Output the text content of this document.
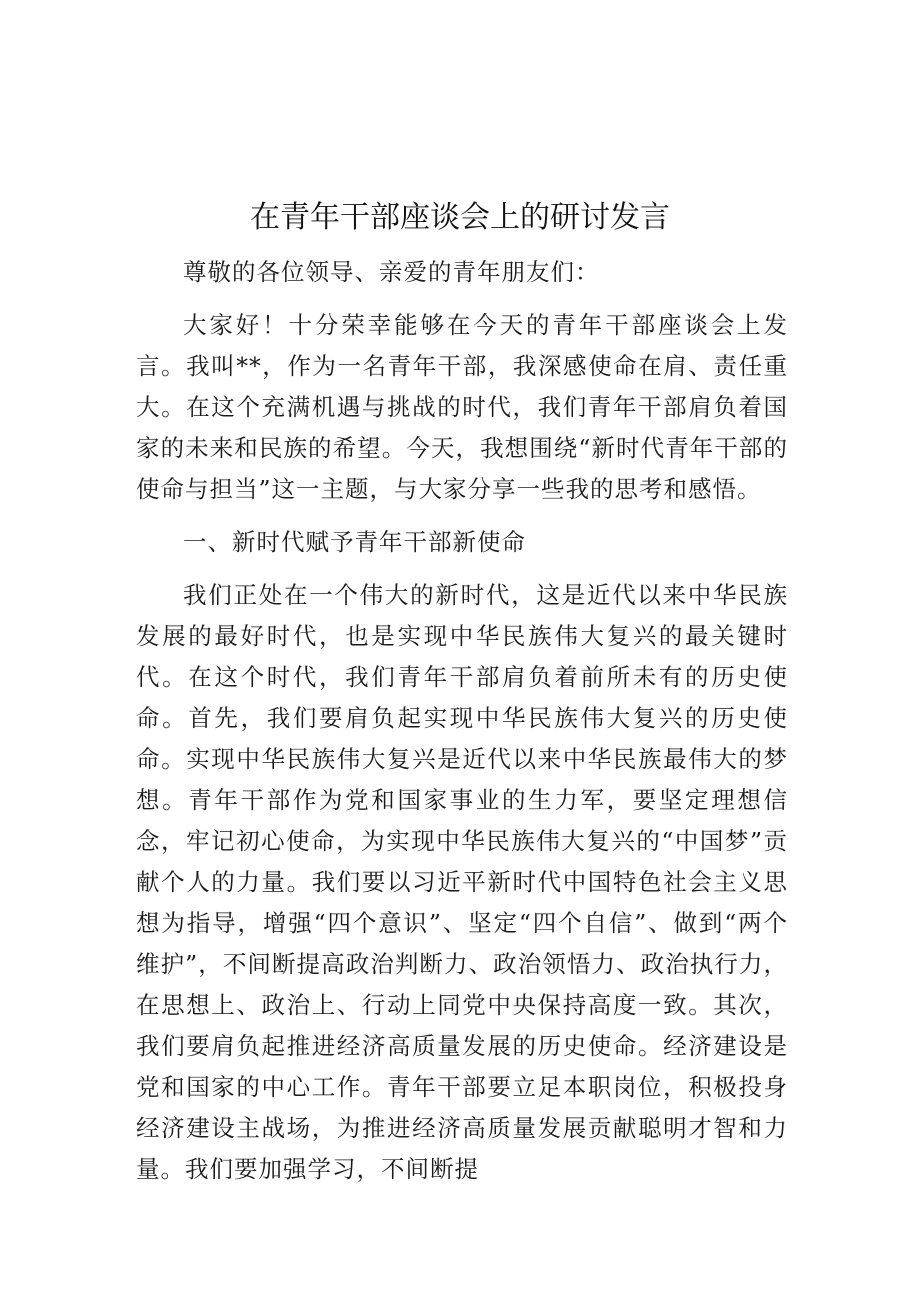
在青年干部座谈会上的研讨发言

尊敬的各位领导、亲爱的青年朋友们：

大家好！十分荣幸能够在今天的青年干部座谈会上发言。我叫**，作为一名青年干部，我深感使命在肩、责任重大。在这个充满机遇与挑战的时代，我们青年干部肩负着国家的未来和民族的希望。今天，我想围绕“新时代青年干部的使命与担当”这一主题，与大家分享一些我的思考和感悟。

一、新时代赋予青年干部新使命

我们正处在一个伟大的新时代，这是近代以来中华民族发展的最好时代，也是实现中华民族伟大复兴的最关键时代。在这个时代，我们青年干部肩负着前所未有的历史使命。首先，我们要肩负起实现中华民族伟大复兴的历史使命。实现中华民族伟大复兴是近代以来中华民族最伟大的梦想。青年干部作为党和国家事业的生力军，要坚定理想信念，牢记初心使命，为实现中华民族伟大复兴的“中国梦”贡献个人的力量。我们要以习近平新时代中国特色社会主义思想为指导，增强“四个意识”、坚定“四个自信”、做到“两个维护”，不间断提高政治判断力、政治领悟力、政治执行力，在思想上、政治上、行动上同党中央保持高度一致。其次，我们要肩负起推进经济高质量发展的历史使命。经济建设是党和国家的中心工作。青年干部要立足本职岗位，积极投身经济建设主战场，为推进经济高质量发展贡献聪明才智和力量。我们要加强学习，不间断提
